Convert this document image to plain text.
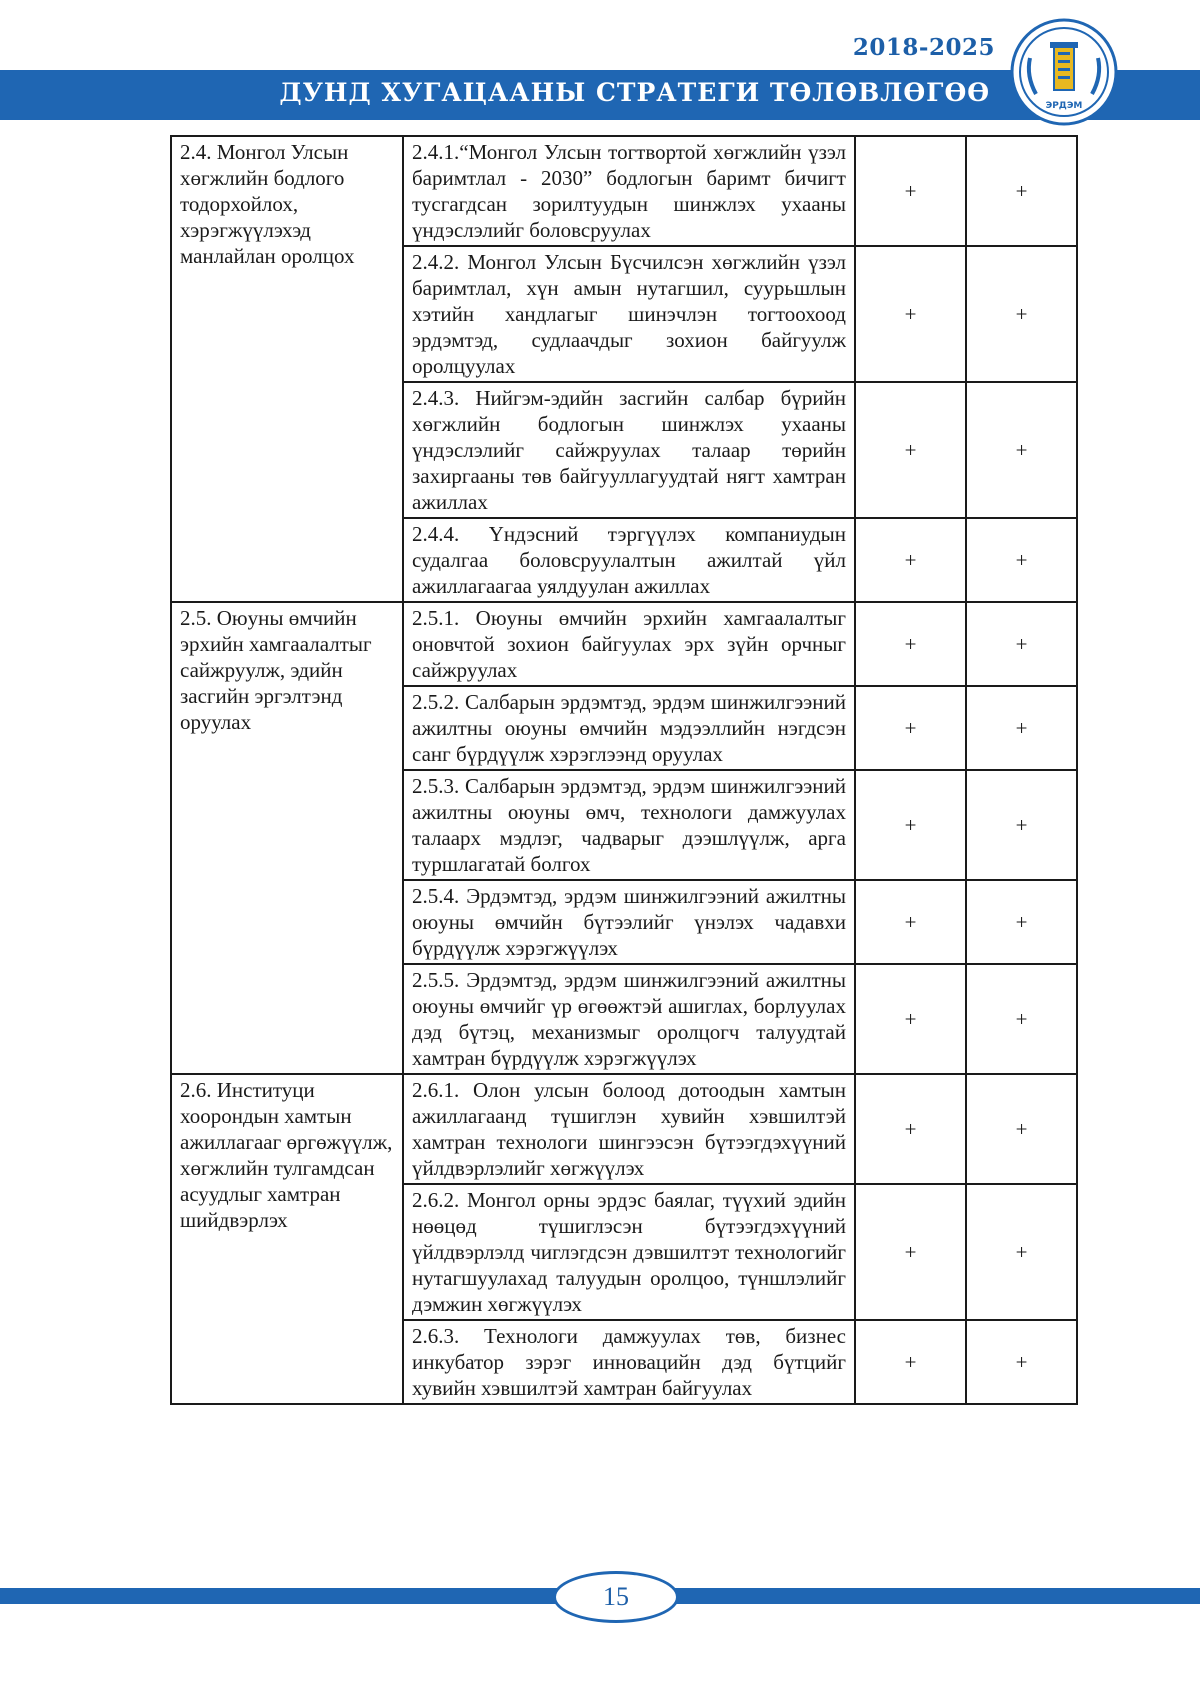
2018-2025
ДУНД ХУГАЦААНЫ СТРАТЕГИ ТӨЛӨВЛӨГӨӨ	ЭРДЭМ
2.4. Монгол Улсын хөгжлийн бодлого тодорхойлох, хэрэгжүүлэхэд манлайлан оролцох	2.4.1.“Монгол Улсын тогтвортой хөгжлийн үзэл баримтлал - 2030” бодлогын баримт бичигт тусгагдсан зорилтуудын шинжлэх ухааны үндэслэлийг боловсруулах	+	+
	2.4.2. Монгол Улсын Бүсчилсэн хөгжлийн үзэл баримтлал, хүн амын нутагшил, суурьшлын хэтийн хандлагыг шинэчлэн тогтоохоод эрдэмтэд, судлаачдыг зохион байгуулж оролцуулах	+	+
	2.4.3. Нийгэм-эдийн засгийн салбар бүрийн хөгжлийн бодлогын шинжлэх ухааны үндэслэлийг сайжруулах талаар төрийн захиргааны төв байгууллагуудтай нягт хамтран ажиллах	+	+
	2.4.4. Үндэсний тэргүүлэх компаниудын судалгаа боловсруулалтын ажилтай үйл ажиллагаагаа уялдуулан ажиллах	+	+
2.5. Оюуны өмчийн эрхийн хамгаалалтыг сайжруулж, эдийн засгийн эргэлтэнд оруулах	2.5.1. Оюуны өмчийн эрхийн хамгаалалтыг оновчтой зохион байгуулах эрх зүйн орчныг сайжруулах	+	+
	2.5.2. Салбарын эрдэмтэд, эрдэм шинжилгээний ажилтны оюуны өмчийн мэдээллийн нэгдсэн санг бүрдүүлж хэрэглээнд оруулах	+	+
	2.5.3. Салбарын эрдэмтэд, эрдэм шинжилгээний ажилтны оюуны өмч, технологи дамжуулах талаарх мэдлэг, чадварыг дээшлүүлж, арга туршлагатай болгох	+	+
	2.5.4. Эрдэмтэд, эрдэм шинжилгээний ажилтны оюуны өмчийн бүтээлийг үнэлэх чадавхи бүрдүүлж хэрэгжүүлэх	+	+
	2.5.5. Эрдэмтэд, эрдэм шинжилгээний ажилтны оюуны өмчийг үр өгөөжтэй ашиглах, борлуулах дэд бүтэц, механизмыг оролцогч талуудтай хамтран бүрдүүлж хэрэгжүүлэх	+	+
2.6. Институци хоорондын хамтын ажиллагааг өргөжүүлж, хөгжлийн тулгамдсан асуудлыг хамтран шийдвэрлэх	2.6.1. Олон улсын болоод дотоодын хамтын ажиллагаанд түшиглэн хувийн хэвшилтэй хамтран технологи шингээсэн бүтээгдэхүүний үйлдвэрлэлийг хөгжүүлэх	+	+
	2.6.2. Монгол орны эрдэс баялаг, түүхий эдийн нөөцөд түшиглэсэн бүтээгдэхүүний үйлдвэрлэлд чиглэгдсэн дэвшилтэт технологийг нутагшуулахад талуудын оролцоо, түншлэлийг дэмжин хөгжүүлэх	+	+
	2.6.3. Технологи дамжуулах төв, бизнес инкубатор зэрэг инновацийн дэд бүтцийг хувийн хэвшилтэй хамтран байгуулах	+	+
15
